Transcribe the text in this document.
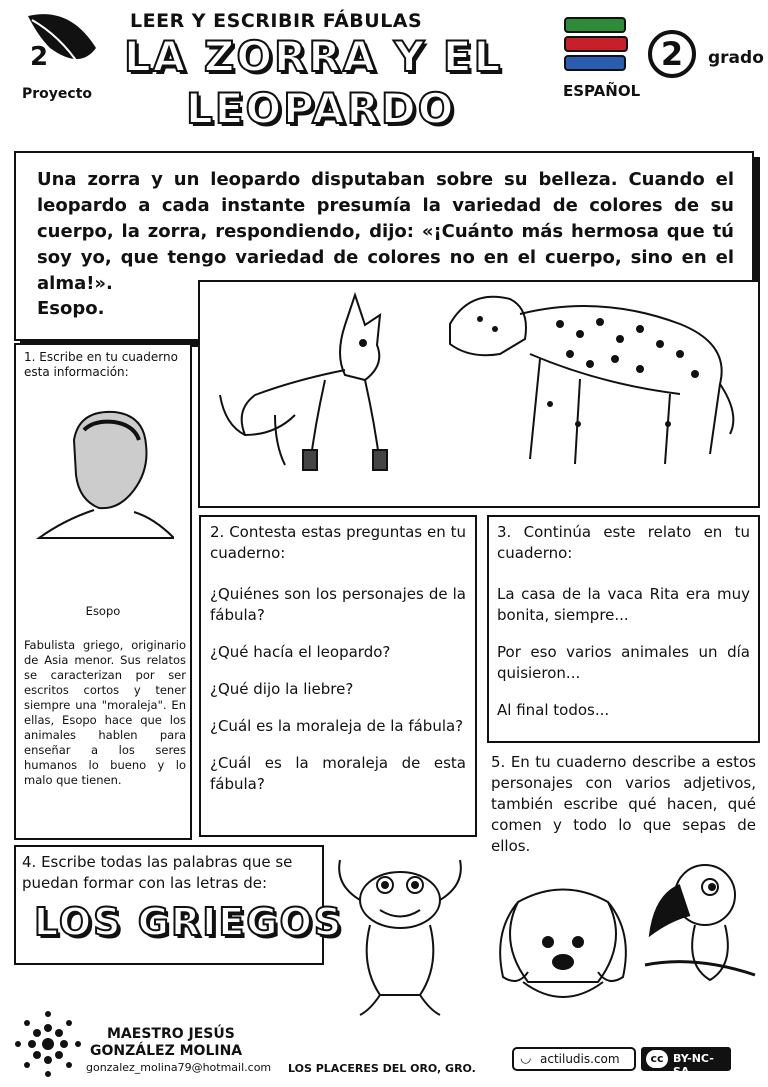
2
Proyecto
LEER Y ESCRIBIR FÁBULAS
LA ZORRA Y EL
LEOPARDO	ESPAÑOL
2	grado
Una zorra y un leopardo disputaban sobre su belleza. Cuando el leopardo a cada instante presumía la variedad de colores de su cuerpo, la zorra, respondiendo, dijo: «¡Cuánto más hermosa que tú soy yo, que tengo variedad de colores no en el cuerpo, sino en el alma!».
Esopo.
1. Escribe en tu cuaderno esta información:
Esopo
Fabulista griego, originario de Asia menor. Sus relatos se caracterizan por ser escritos cortos y tener siempre una "moraleja". En ellas, Esopo hace que los animales hablen para enseñar a los seres humanos lo bueno y lo malo que tienen.

2. Contesta estas preguntas en tu cuaderno:

¿Quiénes son los personajes de la fábula?

¿Qué hacía el leopardo?

¿Qué dijo la liebre?

¿Cuál es la moraleja de la fábula?

¿Cuál es la moraleja de esta fábula?

3. Continúa este relato en tu cuaderno:

La casa de la vaca Rita era muy bonita, siempre...

Por eso varios animales un día quisieron...

Al final todos...

5. En tu cuaderno describe a estos personajes con varios adjetivos, también escribe qué hacen, qué comen y todo lo que sepas de ellos.
4. Escribe todas las palabras que se puedan formar con las letras de:
LOS GRIEGOS
MAESTRO JESÚS
GONZÁLEZ MOLINA
gonzalez_molina79@hotmail.com LOS PLACERES DEL ORO, GRO.
◡ actiludis.com	cc BY-NC-SA
